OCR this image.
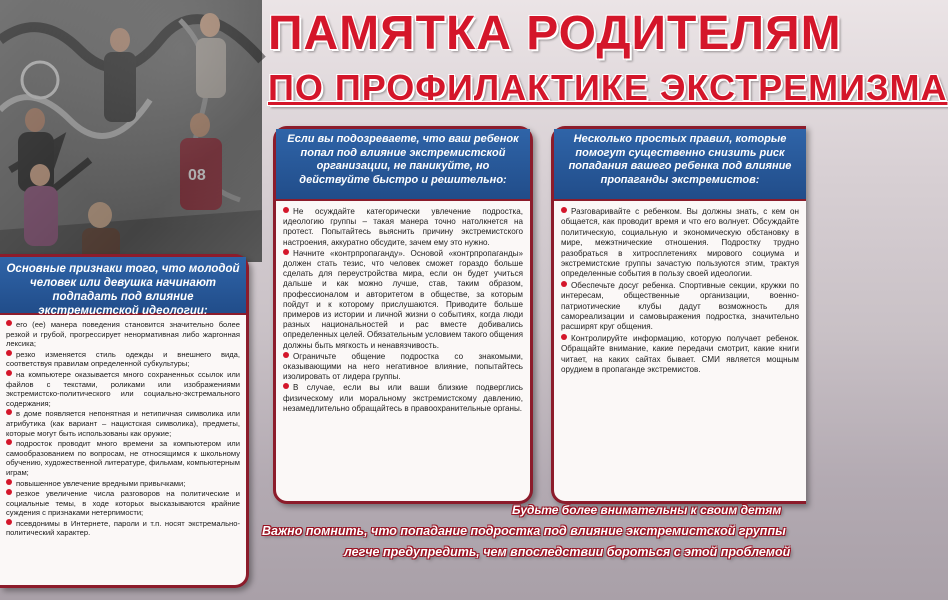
08
ПАМЯТКА РОДИТЕЛЯМ
ПО ПРОФИЛАКТИКЕ ЭКСТРЕМИЗМА
Основные признаки того, что молодой человек или девушка начинают подпадать под влияние экстремистской идеологии:
его (ее) манера поведения становится значительно более резкой и грубой, прогрессирует ненормативная либо жаргонная лексика;
резко изменяется стиль одежды и внешнего вида, соответствуя правилам определенной субкультуры;
на компьютере оказывается много сохраненных ссылок или файлов с текстами, роликами или изображениями экстремистско-политического или социально-экстремального содержания;
в доме появляется непонятная и нетипичная символика или атрибутика (как вариант – нацистская символика), предметы, которые могут быть использованы как оружие;
подросток проводит много времени за компьютером или самообразованием по вопросам, не относящимся к школьному обучению, художественной литературе, фильмам, компьютерным играм;
повышенное увлечение вредными привычками;
резкое увеличение числа разговоров на политические и социальные темы, в ходе которых высказываются крайние суждения с признаками нетерпимости;
псевдонимы в Интернете, пароли и т.п. носят экстремально-политический характер.
Если вы подозреваете, что ваш ребенок попал под влияние экстремистской организации, не паникуйте, но действуйте быстро и решительно:
Не осуждайте категорически увлечение подростка, идеологию группы – такая манера точно натолкнется на протест. Попытайтесь выяснить причину экстремистского настроения, аккуратно обсудите, зачем ему это нужно.
Начните «контрпропаганду». Основой «контрпропаганды» должен стать тезис, что человек сможет гораздо больше сделать для переустройства мира, если он будет учиться дальше и как можно лучше, став, таким образом, профессионалом и авторитетом в обществе, за которым пойдут и к которому прислушаются. Приводите больше примеров из истории и личной жизни о событиях, когда люди разных национальностей и рас вместе добивались определенных целей. Обязательным условием такого общения должны быть мягкость и ненавязчивость.
Ограничьте общение подростка со знакомыми, оказывающими на него негативное влияние, попытайтесь изолировать от лидера группы.
В случае, если вы или ваши близкие подверглись физическому или моральному экстремистскому давлению, незамедлительно обращайтесь в правоохранительные органы.
Несколько простых правил, которые помогут существенно снизить риск попадания вашего ребенка под влияние пропаганды экстремистов:
Разговаривайте с ребенком. Вы должны знать, с кем он общается, как проводит время и что его волнует. Обсуждайте политическую, социальную и экономическую обстановку в мире, межэтнические отношения. Подростку трудно разобраться в хитросплетениях мирового социума и экстремистские группы зачастую пользуются этим, трактуя определенные события в пользу своей идеологии.
Обеспечьте досуг ребенка. Спортивные секции, кружки по интересам, общественные организации, военно-патриотические клубы дадут возможность для самореализации и самовыражения подростка, значительно расширят круг общения.
Контролируйте информацию, которую получает ребенок. Обращайте внимание, какие передачи смотрит, какие книги читает, на каких сайтах бывает. СМИ является мощным орудием в пропаганде экстремистов.
Будьте более внимательны к своим детям
Важно помнить, что попадание подростка под влияние экстремистской группы
легче предупредить, чем впоследствии бороться с этой проблемой
